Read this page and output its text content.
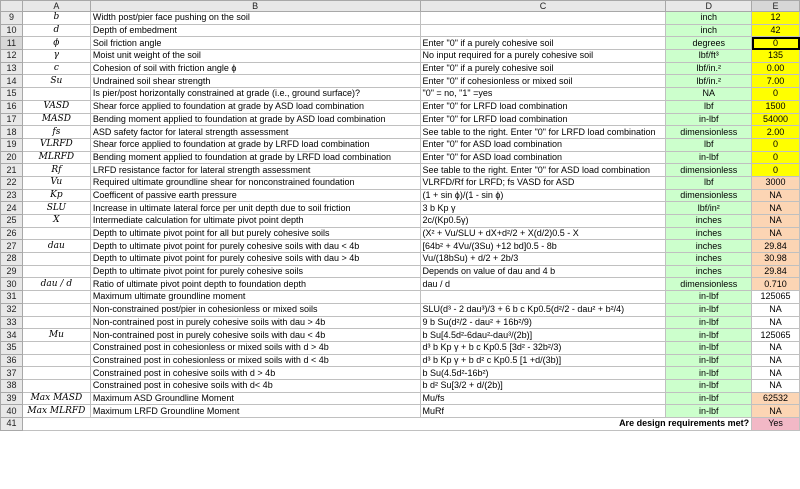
	A	B	C	D	E
9	b	Width post/pier face pushing on the soil		inch	12
10	d	Depth of embedment		inch	42
11	ϕ	Soil friction angle	Enter "0" if a purely cohesive soil	degrees	0
12	γ	Moist unit weight of the soil	No input required for a purely cohesive soil	lbf/ft³	135
13	c	Cohesion of soil with friction angle ϕ	Enter "0" if a purely cohesive soil	lbf/in.²	0.00
14	Su	Undrained soil shear strength	Enter "0" if cohesionless or mixed soil	lbf/in.²	7.00
15		Is pier/post horizontally constrained at grade (i.e., ground surface)?	"0" = no, "1" =yes	NA	0
16	VASD	Shear force applied to foundation at grade by ASD load combination	Enter "0" for LRFD load combination	lbf	1500
17	MASD	Bending moment applied to foundation at grade by ASD load combination	Enter "0" for LRFD load combination	in-lbf	54000
18	fs	ASD safety factor for lateral strength assessment	See table to the right. Enter "0" for LRFD load combination	dimensionless	2.00
19	VLRFD	Shear force applied to foundation at grade by LRFD load combination	Enter "0" for ASD load combination	lbf	0
20	MLRFD	Bending moment applied to foundation at grade by LRFD load combination	Enter "0" for ASD load combination	in-lbf	0
21	Rf	LRFD resistance factor for lateral strength assessment	See table to the right. Enter "0" for ASD load combination	dimensionless	0
22	Vu	Required ultimate groundline shear for nonconstrained foundation	VLRFD/Rf for LRFD; fs VASD for ASD	lbf	3000
23	Kp	Coefficent of passive earth pressure	(1 + sin ϕ)/(1 - sin ϕ)	dimensionless	NA
24	SLU	Increase in ultimate lateral force per unit depth due to soil friction	3 b Kp γ	lbf/in²	NA
25	X	Intermediate calculation for ultimate pivot point depth	2c/(Kp0.5γ)	inches	NA
26		Depth to ultimate pivot point for all but purely cohesive soils	(X² + Vu/SLU + dX+d²/2 + X(d/2)0.5 - X	inches	NA
27	dau	Depth to ultimate pivot point for purely cohesive soils with dau < 4b	[64b² + 4Vu/(3Su) +12 bd]0.5 - 8b	inches	29.84
28		Depth to ultimate pivot point for purely cohesive soils with dau > 4b	Vu/(18bSu) + d/2 + 2b/3	inches	30.98
29		Depth to ultimate pivot point for purely cohesive soils	Depends on value of dau and 4 b	inches	29.84
30	dau / d	Ratio of ultimate pivot point depth to foundation depth	dau / d	dimensionless	0.710
31		Maximum ultimate groundline moment		in-lbf	125065
32		Non-constrained post/pier in cohesionless or mixed soils	SLU(d³ - 2 dau³)/3 + 6 b c Kp0.5(d²/2 - dau² + b²/4)	in-lbf	NA
33		Non-contrained post in purely cohesive soils with dau > 4b	9 b Su(d²/2 - dau² + 16b²/9)	in-lbf	NA
34	Mu	Non-contrained post in purely cohesive soils with dau < 4b	b Su[4.5d²-6dau²-dau³/(2b)]	in-lbf	125065
35		Constrained post in cohesionless or mixed soils with d > 4b	d³ b Kp γ + b c Kp0.5 [3d² - 32b²/3)	in-lbf	NA
36		Constrained post in cohesionless or mixed soils with d < 4b	d³ b Kp γ + b d² c Kp0.5 [1 +d/(3b)]	in-lbf	NA
37		Constrained post in cohesive soils with d > 4b	b Su(4.5d²-16b²)	in-lbf	NA
38		Constrained post in cohesive soils with d< 4b	b d² Su[3/2 + d/(2b)]	in-lbf	NA
39	Max MASD	Maximum ASD Groundline Moment	Mu/fs	in-lbf	62532
40	Max MLRFD	Maximum LRFD Groundline Moment	MuRf	in-lbf	NA
41	Are design requirements met?				Yes
